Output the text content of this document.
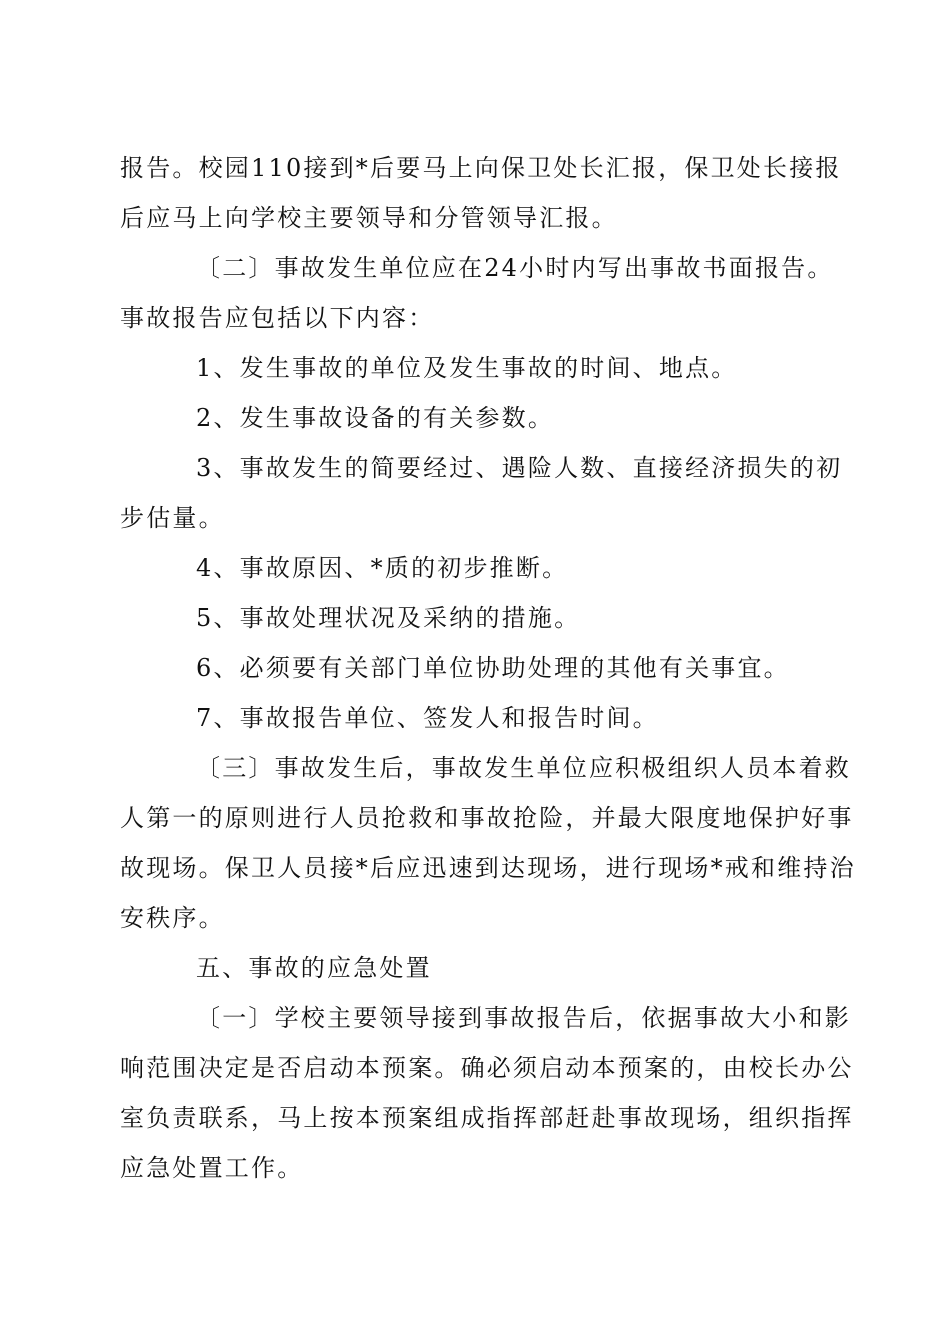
报告。校园110接到*后要马上向保卫处长汇报，保卫处长接报
后应马上向学校主要领导和分管领导汇报。
〔二〕事故发生单位应在24小时内写出事故书面报告。
事故报告应包括以下内容：
1、发生事故的单位及发生事故的时间、地点。
2、发生事故设备的有关参数。
3、事故发生的简要经过、遇险人数、直接经济损失的初
步估量。
4、事故原因、*质的初步推断。
5、事故处理状况及采纳的措施。
6、必须要有关部门单位协助处理的其他有关事宜。
7、事故报告单位、签发人和报告时间。
〔三〕事故发生后，事故发生单位应积极组织人员本着救
人第一的原则进行人员抢救和事故抢险，并最大限度地保护好事
故现场。保卫人员接*后应迅速到达现场，进行现场*戒和维持治
安秩序。
五、事故的应急处置
〔一〕学校主要领导接到事故报告后，依据事故大小和影
响范围决定是否启动本预案。确必须启动本预案的，由校长办公
室负责联系，马上按本预案组成指挥部赶赴事故现场，组织指挥
应急处置工作。
